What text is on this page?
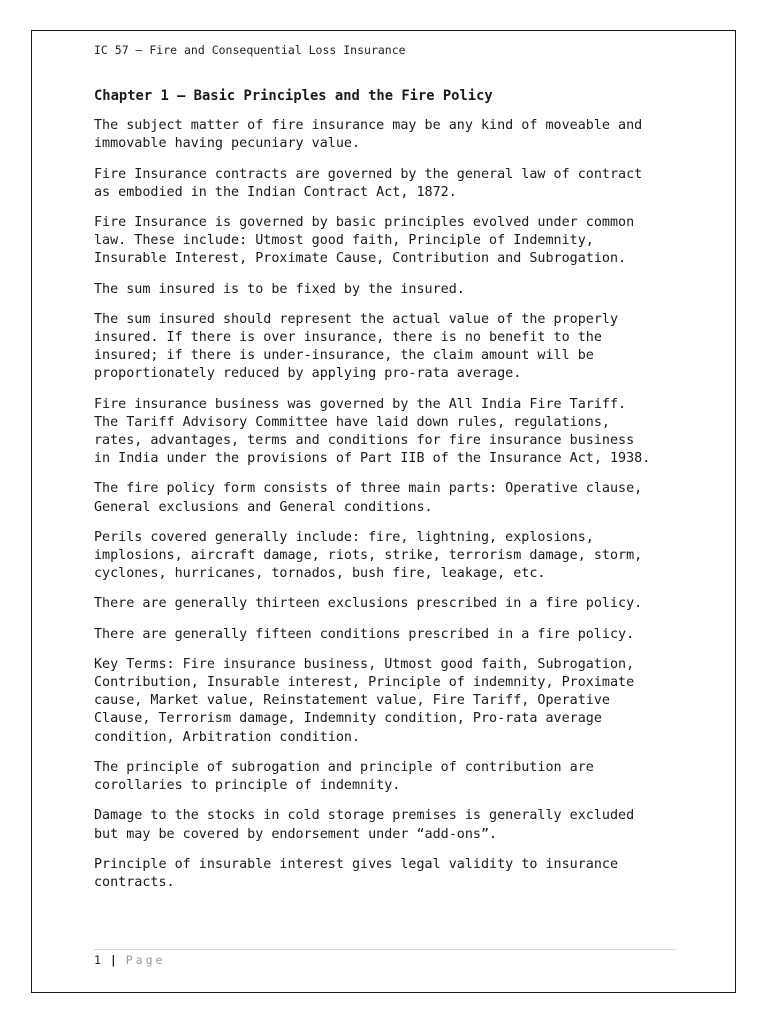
IC 57 – Fire and Consequential Loss Insurance
Chapter 1 – Basic Principles and the Fire Policy

The subject matter of fire insurance may be any kind of moveable and
immovable having pecuniary value.

Fire Insurance contracts are governed by the general law of contract
as embodied in the Indian Contract Act, 1872.

Fire Insurance is governed by basic principles evolved under common
law. These include: Utmost good faith, Principle of Indemnity,
Insurable Interest, Proximate Cause, Contribution and Subrogation.

The sum insured is to be fixed by the insured.

The sum insured should represent the actual value of the properly
insured. If there is over insurance, there is no benefit to the
insured; if there is under-insurance, the claim amount will be
proportionately reduced by applying pro-rata average.

Fire insurance business was governed by the All India Fire Tariff.
The Tariff Advisory Committee have laid down rules, regulations,
rates, advantages, terms and conditions for fire insurance business
in India under the provisions of Part IIB of the Insurance Act, 1938.

The fire policy form consists of three main parts: Operative clause,
General exclusions and General conditions.

Perils covered generally include: fire, lightning, explosions,
implosions, aircraft damage, riots, strike, terrorism damage, storm,
cyclones, hurricanes, tornados, bush fire, leakage, etc.

There are generally thirteen exclusions prescribed in a fire policy.

There are generally fifteen conditions prescribed in a fire policy.

Key Terms: Fire insurance business, Utmost good faith, Subrogation,
Contribution, Insurable interest, Principle of indemnity, Proximate
cause, Market value, Reinstatement value, Fire Tariff, Operative
Clause, Terrorism damage, Indemnity condition, Pro-rata average
condition, Arbitration condition.

The principle of subrogation and principle of contribution are
corollaries to principle of indemnity.

Damage to the stocks in cold storage premises is generally excluded
but may be covered by endorsement under “add-ons”.

Principle of insurable interest gives legal validity to insurance
contracts.

1 | Page
